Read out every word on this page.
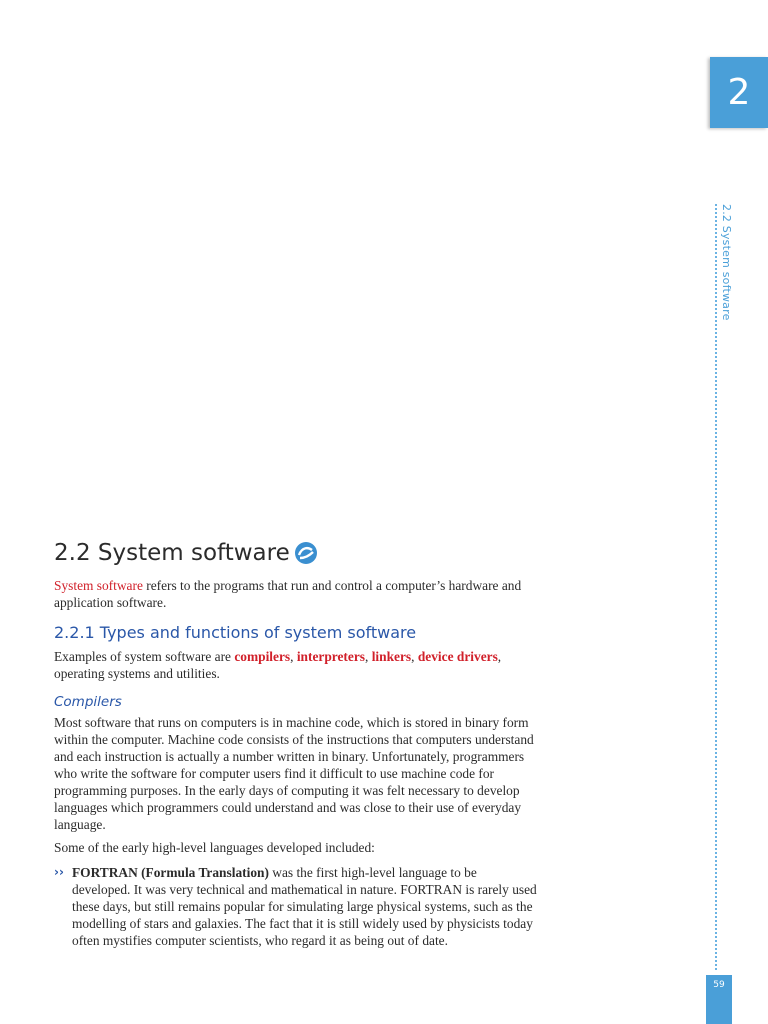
2
2.2 System software
59
2.2 System software

System software refers to the programs that run and control a computer’s hardware and application software.

2.2.1 Types and functions of system software

Examples of system software are compilers, interpreters, linkers, device drivers, operating systems and utilities.

Compilers

Most software that runs on computers is in machine code, which is stored in binary form within the computer. Machine code consists of the instructions that computers understand and each instruction is actually a number written in binary. Unfortunately, programmers who write the software for computer users find it difficult to use machine code for programming purposes. In the early days of computing it was felt necessary to develop languages which programmers could understand and was close to their use of everyday language.

Some of the early high-level languages developed included:

›› FORTRAN (Formula Translation) was the first high-level language to be developed. It was very technical and mathematical in nature. FORTRAN is rarely used these days, but still remains popular for simulating large physical systems, such as the modelling of stars and galaxies. The fact that it is still widely used by physicists today often mystifies computer scientists, who regard it as being out of date.
